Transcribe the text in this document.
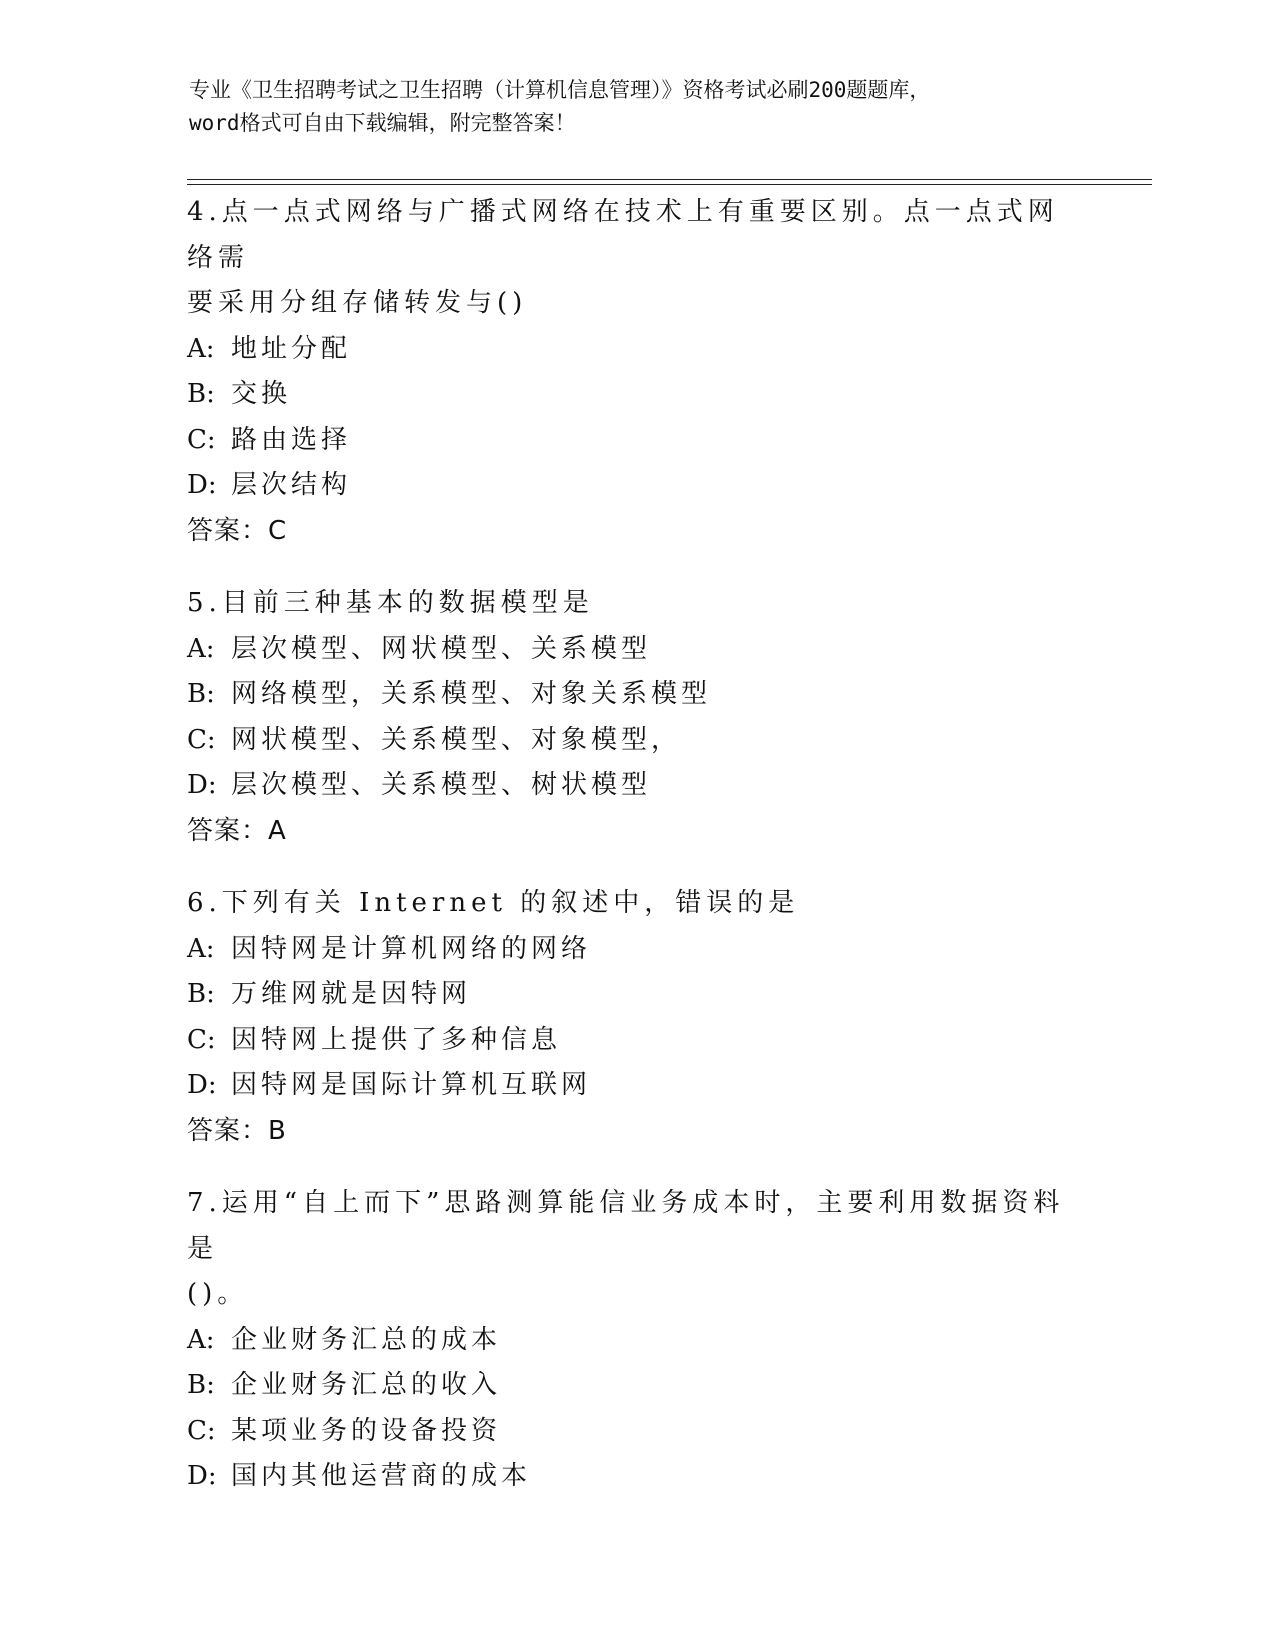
专业《卫生招聘考试之卫生招聘（计算机信息管理）》资格考试必刷200题题库，
word格式可自由下载编辑，附完整答案！
4.点一点式网络与广播式网络在技术上有重要区别。点一点式网络需
要采用分组存储转发与()
A: 地址分配
B: 交换
C: 路由选择
D: 层次结构
答案：C
5.目前三种基本的数据模型是
A: 层次模型、网状模型、关系模型
B: 网络模型，关系模型、对象关系模型
C: 网状模型、关系模型、对象模型，
D: 层次模型、关系模型、树状模型
答案：A
6.下列有关 Internet 的叙述中，错误的是
A: 因特网是计算机网络的网络
B: 万维网就是因特网
C: 因特网上提供了多种信息
D: 因特网是国际计算机互联网
答案：B
7.运用“自上而下”思路测算能信业务成本时，主要利用数据资料是
()。
A: 企业财务汇总的成本
B: 企业财务汇总的收入
C: 某项业务的设备投资
D: 国内其他运营商的成本
